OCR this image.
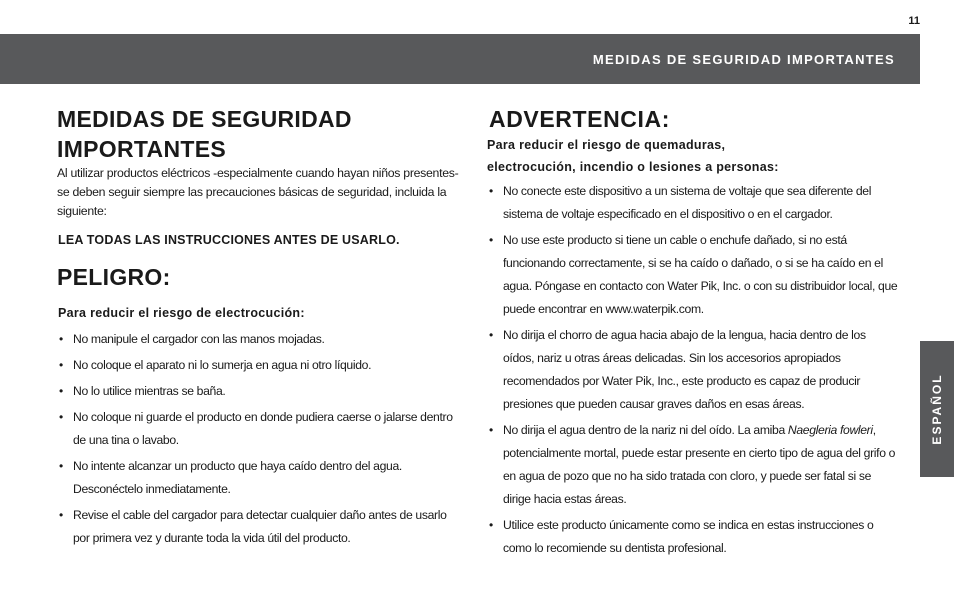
11
MEDIDAS DE SEGURIDAD IMPORTANTES
ESPAÑOL
MEDIDAS DE SEGURIDAD
IMPORTANTES

Al utilizar productos eléctricos -especialmente cuando hayan niños presentes- se deben seguir siempre las precauciones básicas de seguridad, incluida la siguiente:

LEA TODAS LAS INSTRUCCIONES ANTES DE USARLO.

PELIGRO:

Para reducir el riesgo de electrocución:

• No manipule el cargador con las manos mojadas.
• No coloque el aparato ni lo sumerja en agua ni otro líquido.
• No lo utilice mientras se baña.
• No coloque ni guarde el producto en donde pudiera caerse o jalarse dentro de una tina o lavabo.
• No intente alcanzar un producto que haya caído dentro del agua. Desconéctelo inmediatamente.
• Revise el cable del cargador para detectar cualquier daño antes de usarlo por primera vez y durante toda la vida útil del producto.
ADVERTENCIA:

Para reducir el riesgo de quemaduras,
electrocución, incendio o lesiones a personas:

• No conecte este dispositivo a un sistema de voltaje que sea diferente del sistema de voltaje especificado en el dispositivo o en el cargador.
• No use este producto si tiene un cable o enchufe dañado, si no está funcionando correctamente, si se ha caído o dañado, o si se ha caído en el agua. Póngase en contacto con Water Pik, Inc. o con su distribuidor local, que puede encontrar en www.waterpik.com.
• No dirija el chorro de agua hacia abajo de la lengua, hacia dentro de los oídos, nariz u otras áreas delicadas. Sin los accesorios apropiados recomendados por Water Pik, Inc., este producto es capaz de producir presiones que pueden causar graves daños en esas áreas.
• No dirija el agua dentro de la nariz ni del oído. La amiba Naegleria fowleri, potencialmente mortal, puede estar presente en cierto tipo de agua del grifo o en agua de pozo que no ha sido tratada con cloro, y puede ser fatal si se dirige hacia estas áreas.
• Utilice este producto únicamente como se indica en estas instrucciones o como lo recomiende su dentista profesional.
